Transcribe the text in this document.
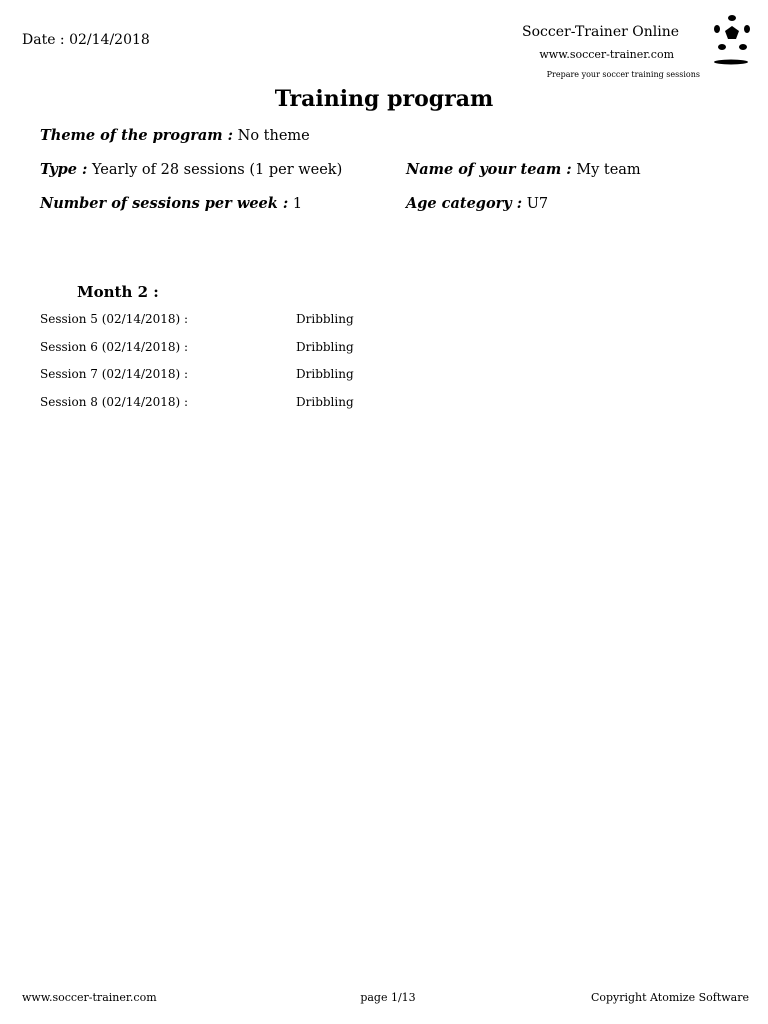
Date : 02/14/2018	Soccer-Trainer Online
www.soccer-trainer.com
Prepare your soccer training sessions
Training program
Theme of the program : No theme
Type : Yearly of 28 sessions (1 per week)
Number of sessions per week : 1
Name of your team : My team
Age category : U7
Month 2 :
Session 5 (02/14/2018) :	Dribbling
Session 6 (02/14/2018) :	Dribbling
Session 7 (02/14/2018) :	Dribbling
Session 8 (02/14/2018) :	Dribbling
www.soccer-trainer.com	page 1/13	Copyright Atomize Software
